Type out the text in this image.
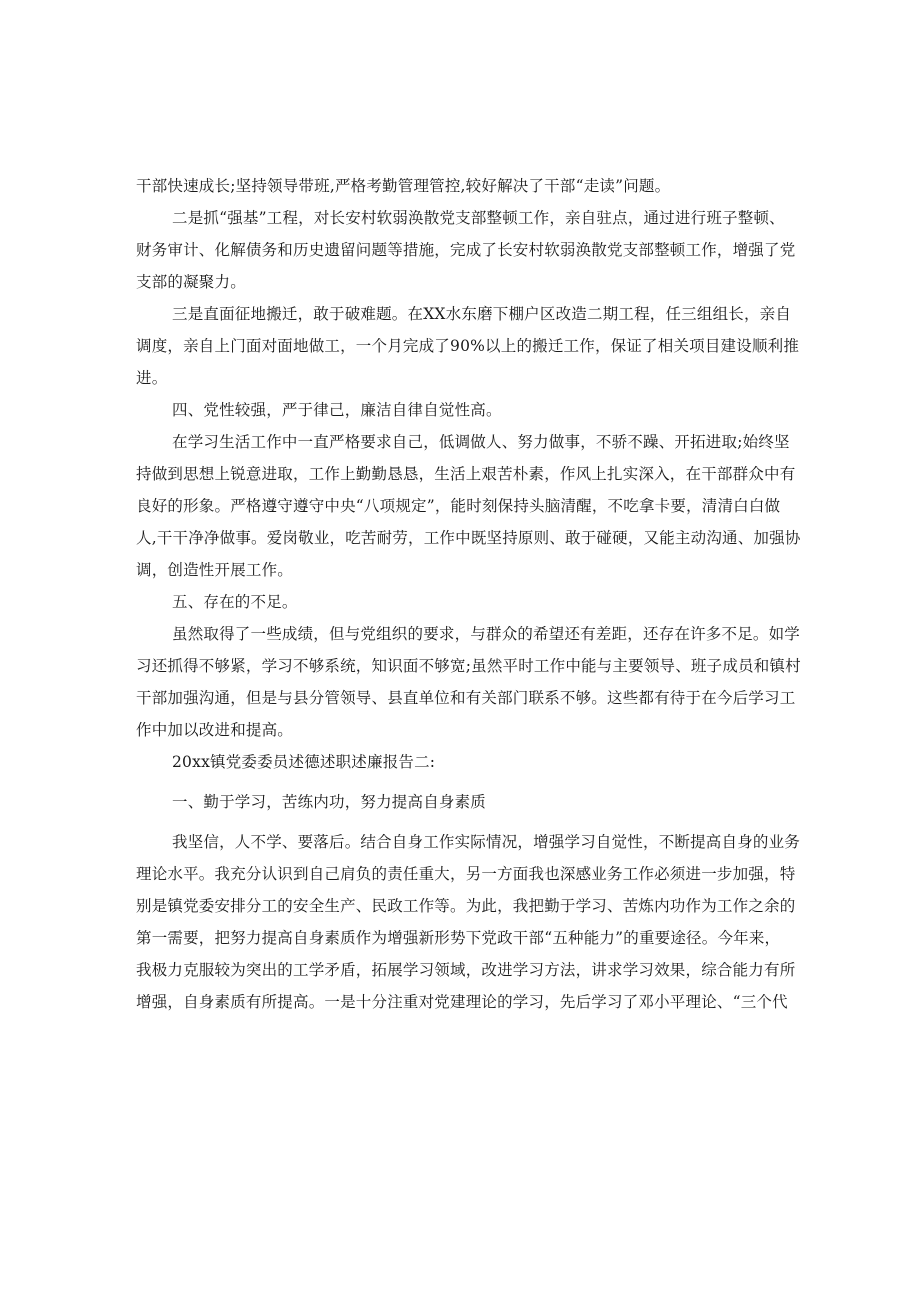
干部快速成长;坚持领导带班,严格考勤管理管控,较好解决了干部“走读”问题。
二是抓“强基”工程，对长安村软弱涣散党支部整顿工作，亲自驻点，通过进行班子整顿、
财务审计、化解债务和历史遗留问题等措施，完成了长安村软弱涣散党支部整顿工作，增强了党
支部的凝聚力。
三是直面征地搬迁，敢于破难题。在XX水东磨下棚户区改造二期工程，任三组组长，亲自
调度，亲自上门面对面地做工，一个月完成了90%以上的搬迁工作，保证了相关项目建设顺利推
进。
四、党性较强，严于律己，廉洁自律自觉性高。
在学习生活工作中一直严格要求自己，低调做人、努力做事，不骄不躁、开拓进取;始终坚
持做到思想上锐意进取，工作上勤勤恳恳，生活上艰苦朴素，作风上扎实深入，在干部群众中有
良好的形象。严格遵守遵守中央“八项规定”，能时刻保持头脑清醒，不吃拿卡要，清清白白做
人,干干净净做事。爱岗敬业，吃苦耐劳，工作中既坚持原则、敢于碰硬，又能主动沟通、加强协
调，创造性开展工作。
五、存在的不足。
虽然取得了一些成绩，但与党组织的要求，与群众的希望还有差距，还存在许多不足。如学
习还抓得不够紧，学习不够系统，知识面不够宽;虽然平时工作中能与主要领导、班子成员和镇村
干部加强沟通，但是与县分管领导、县直单位和有关部门联系不够。这些都有待于在今后学习工
作中加以改进和提高。
20xx镇党委委员述德述职述廉报告二:
一、勤于学习，苦练内功，努力提高自身素质
我坚信，人不学、要落后。结合自身工作实际情况，增强学习自觉性，不断提高自身的业务
理论水平。我充分认识到自己肩负的责任重大，另一方面我也深感业务工作必须进一步加强，特
别是镇党委安排分工的安全生产、民政工作等。为此，我把勤于学习、苦炼内功作为工作之余的
第一需要，把努力提高自身素质作为增强新形势下党政干部“五种能力”的重要途径。今年来，
我极力克服较为突出的工学矛盾，拓展学习领域，改进学习方法，讲求学习效果，综合能力有所
增强，自身素质有所提高。一是十分注重对党建理论的学习，先后学习了邓小平理论、“三个代
